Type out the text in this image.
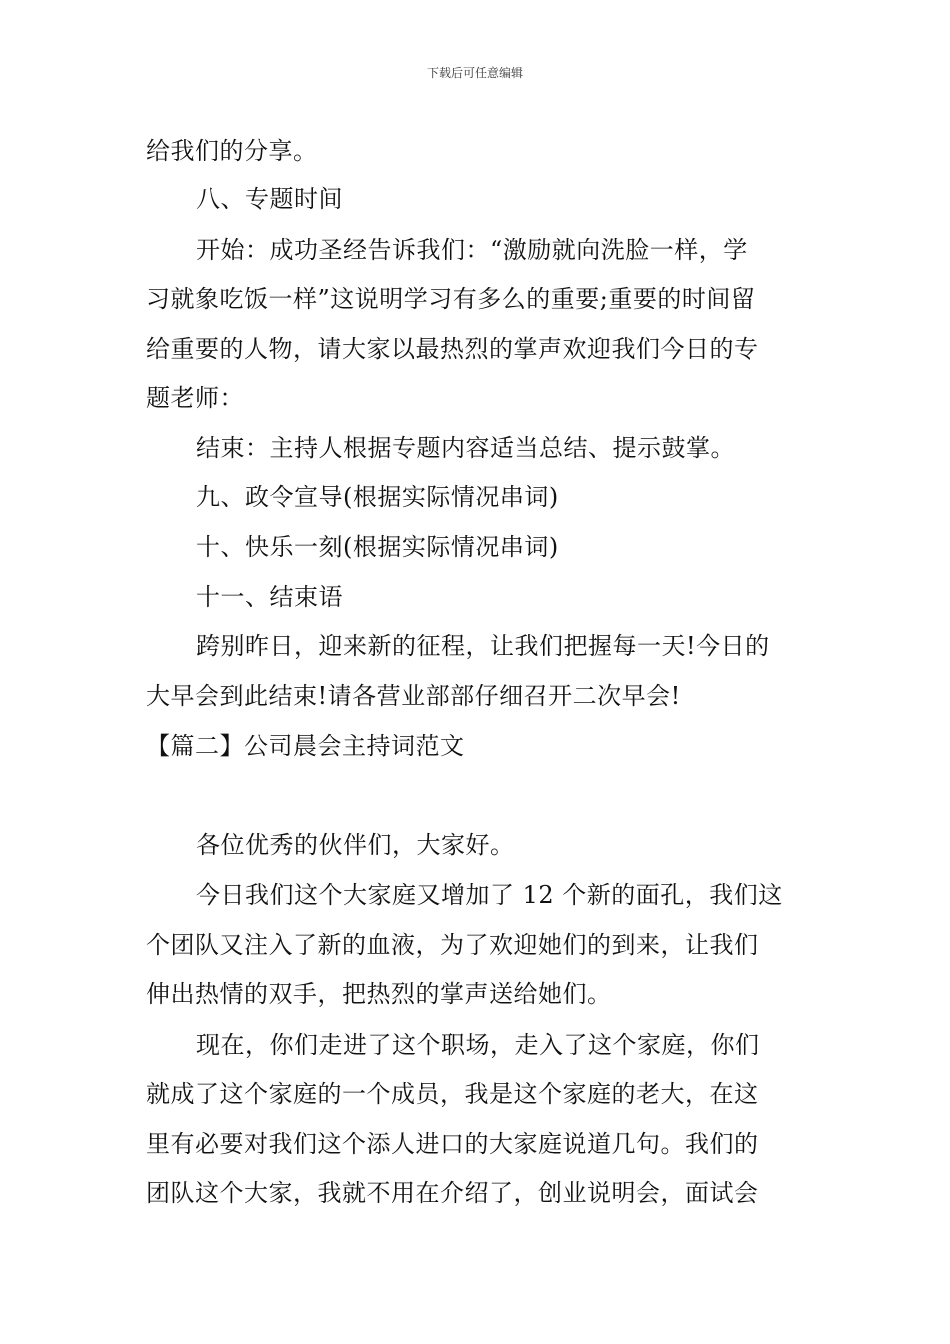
下载后可任意编辑
给我们的分享。
八、专题时间
开始：成功圣经告诉我们：“激励就向洗脸一样，学
习就象吃饭一样”这说明学习有多么的重要;重要的时间留
给重要的人物，请大家以最热烈的掌声欢迎我们今日的专
题老师：
结束：主持人根据专题内容适当总结、提示鼓掌。
九、政令宣导(根据实际情况串词)
十、快乐一刻(根据实际情况串词)
十一、结束语
跨别昨日，迎来新的征程，让我们把握每一天!今日的
大早会到此结束!请各营业部部仔细召开二次早会!
【篇二】公司晨会主持词范文
各位优秀的伙伴们，大家好。
今日我们这个大家庭又增加了 12 个新的面孔，我们这
个团队又注入了新的血液，为了欢迎她们的到来，让我们
伸出热情的双手，把热烈的掌声送给她们。
现在，你们走进了这个职场，走入了这个家庭，你们
就成了这个家庭的一个成员，我是这个家庭的老大，在这
里有必要对我们这个添人进口的大家庭说道几句。我们的
团队这个大家，我就不用在介绍了，创业说明会，面试会
